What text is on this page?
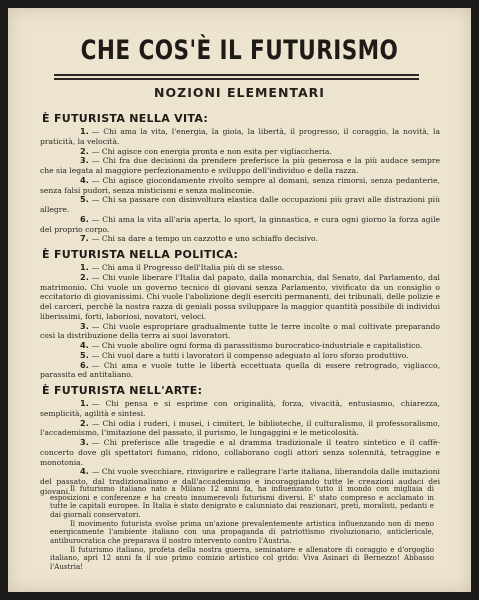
CHE COS'È IL FUTURISMO
NOZIONI ELEMENTARI
È FUTURISTA NELLA VITA:

1. — Chi ama la vita, l'energia, la gioia, la libertà, il progresso, il coraggio, la novità, la praticità, la velocità.

2. — Chi agisce con energia pronta e non esita per vigliaccheria.

3. — Chi fra due decisioni da prendere preferisce la più generosa e la più audace sempre che sia legata al maggiore perfezionamento e sviluppo dell'individuo e della razza.

4. — Chi agisce giocondamente rivolto sempre al domani, senza rimorsi, senza pedanterie, senza falsi pudori, senza misticismi e senza malinconie.

5. — Chi sa passare con disinvoltura elastica dalle occupazioni più gravi alle distrazioni più allegre.

6. — Chi ama la vita all'aria aperta, lo sport, la ginnastica, e cura ogni giorno la forza agile del proprio corpo.

7. — Chi sa dare a tempo un cazzotto e uno schiaffo decisivo.

È FUTURISTA NELLA POLITICA:

1. — Chi ama il Progresso dell'Italia più di se stesso.

2. — Chi vuole liberare l'Italia dal papato, dalla monarchia, dal Senato, dal Parlamento, dal matrimonio. Chi vuole un governo tecnico di giovani senza Parlamento, vivificato da un consiglio o eccitatorio di giovanissimi. Chi vuole l'abolizione degli eserciti permanenti, dei tribunali, delle polizie e del carceri, perchè la nostra razza di geniali possa sviluppare la maggior quantità possibile di individui liberissimi, forti, laboriosi, novatori, veloci.

3. — Chi vuole espropriare gradualmente tutte le terre incolte o mal coltivate preparando così la distribuzione della terra ai suoi lavoratori.

4. — Chi vuole abolire ogni forma di parassitismo burocratico-industriale e capitalistico.

5. — Chi vuol dare a tutti i lavoratori il compenso adeguato al loro sforzo produttivo.

6. — Chi ama e vuole tutte le libertà eccettuata quella di essere retrogrado, vigliacco, parassita ed antitaliano.

È FUTURISTA NELL'ARTE:

1. — Chi pensa e si esprime con originalità, forza, vivacità, entusiasmo, chiarezza, semplicità, agilità e sintesi.

2. — Chi odia i ruderi, i musei, i cimiteri, le biblioteche, il culturalismo, il professoralismo, l'accademismo, l'imitazione del passato, il purismo, le lungaggini e le meticolosità.

3. — Chi preferisce alle tragedie e al dramma tradizionale il teatro sintetico e il caffè-concerto dove gli spettatori fumano, ridono, collaborano cogli attori senza solennità, tetraggine e monotonia.

4. — Chi vuole svecchiare, rinvigorire e rallegrare l'arte italiana, liberandola dalle imitazioni del passato, dal tradizionalismo e dall'accademismo e incoraggiando tutte le creazioni audaci dei giovani. Il futurismo italiano nato a Milano 12 anni fa, ha influenzato tutto il mondo con migliaia di esposizioni e conferenze e ha creato innumerevoli futurismi diversi. E' stato compreso e acclamato in tutte le capitali europee. In Italia è stato denigrato e calunniato dai reazionari, preti, moralisti, pedanti e dai giornali conservatori.

Il movimento futurista svolse prima un'azione prevalentemente artistica influenzando non di meno energicamente l'ambiente italiano con una propaganda di patriottismo rivoluzionario, anticlericale, antiburocratica che preparava il nostro intervento contro l'Austria.

Il futurismo italiano, profeta della nostra guerra, seminatore e allenatore di coraggio e d'orgoglio italiano, aprì 12 anni fa il suo primo comizio artistico col grido: Viva Asinari di Bernezzo! Abbasso l'Austria!
